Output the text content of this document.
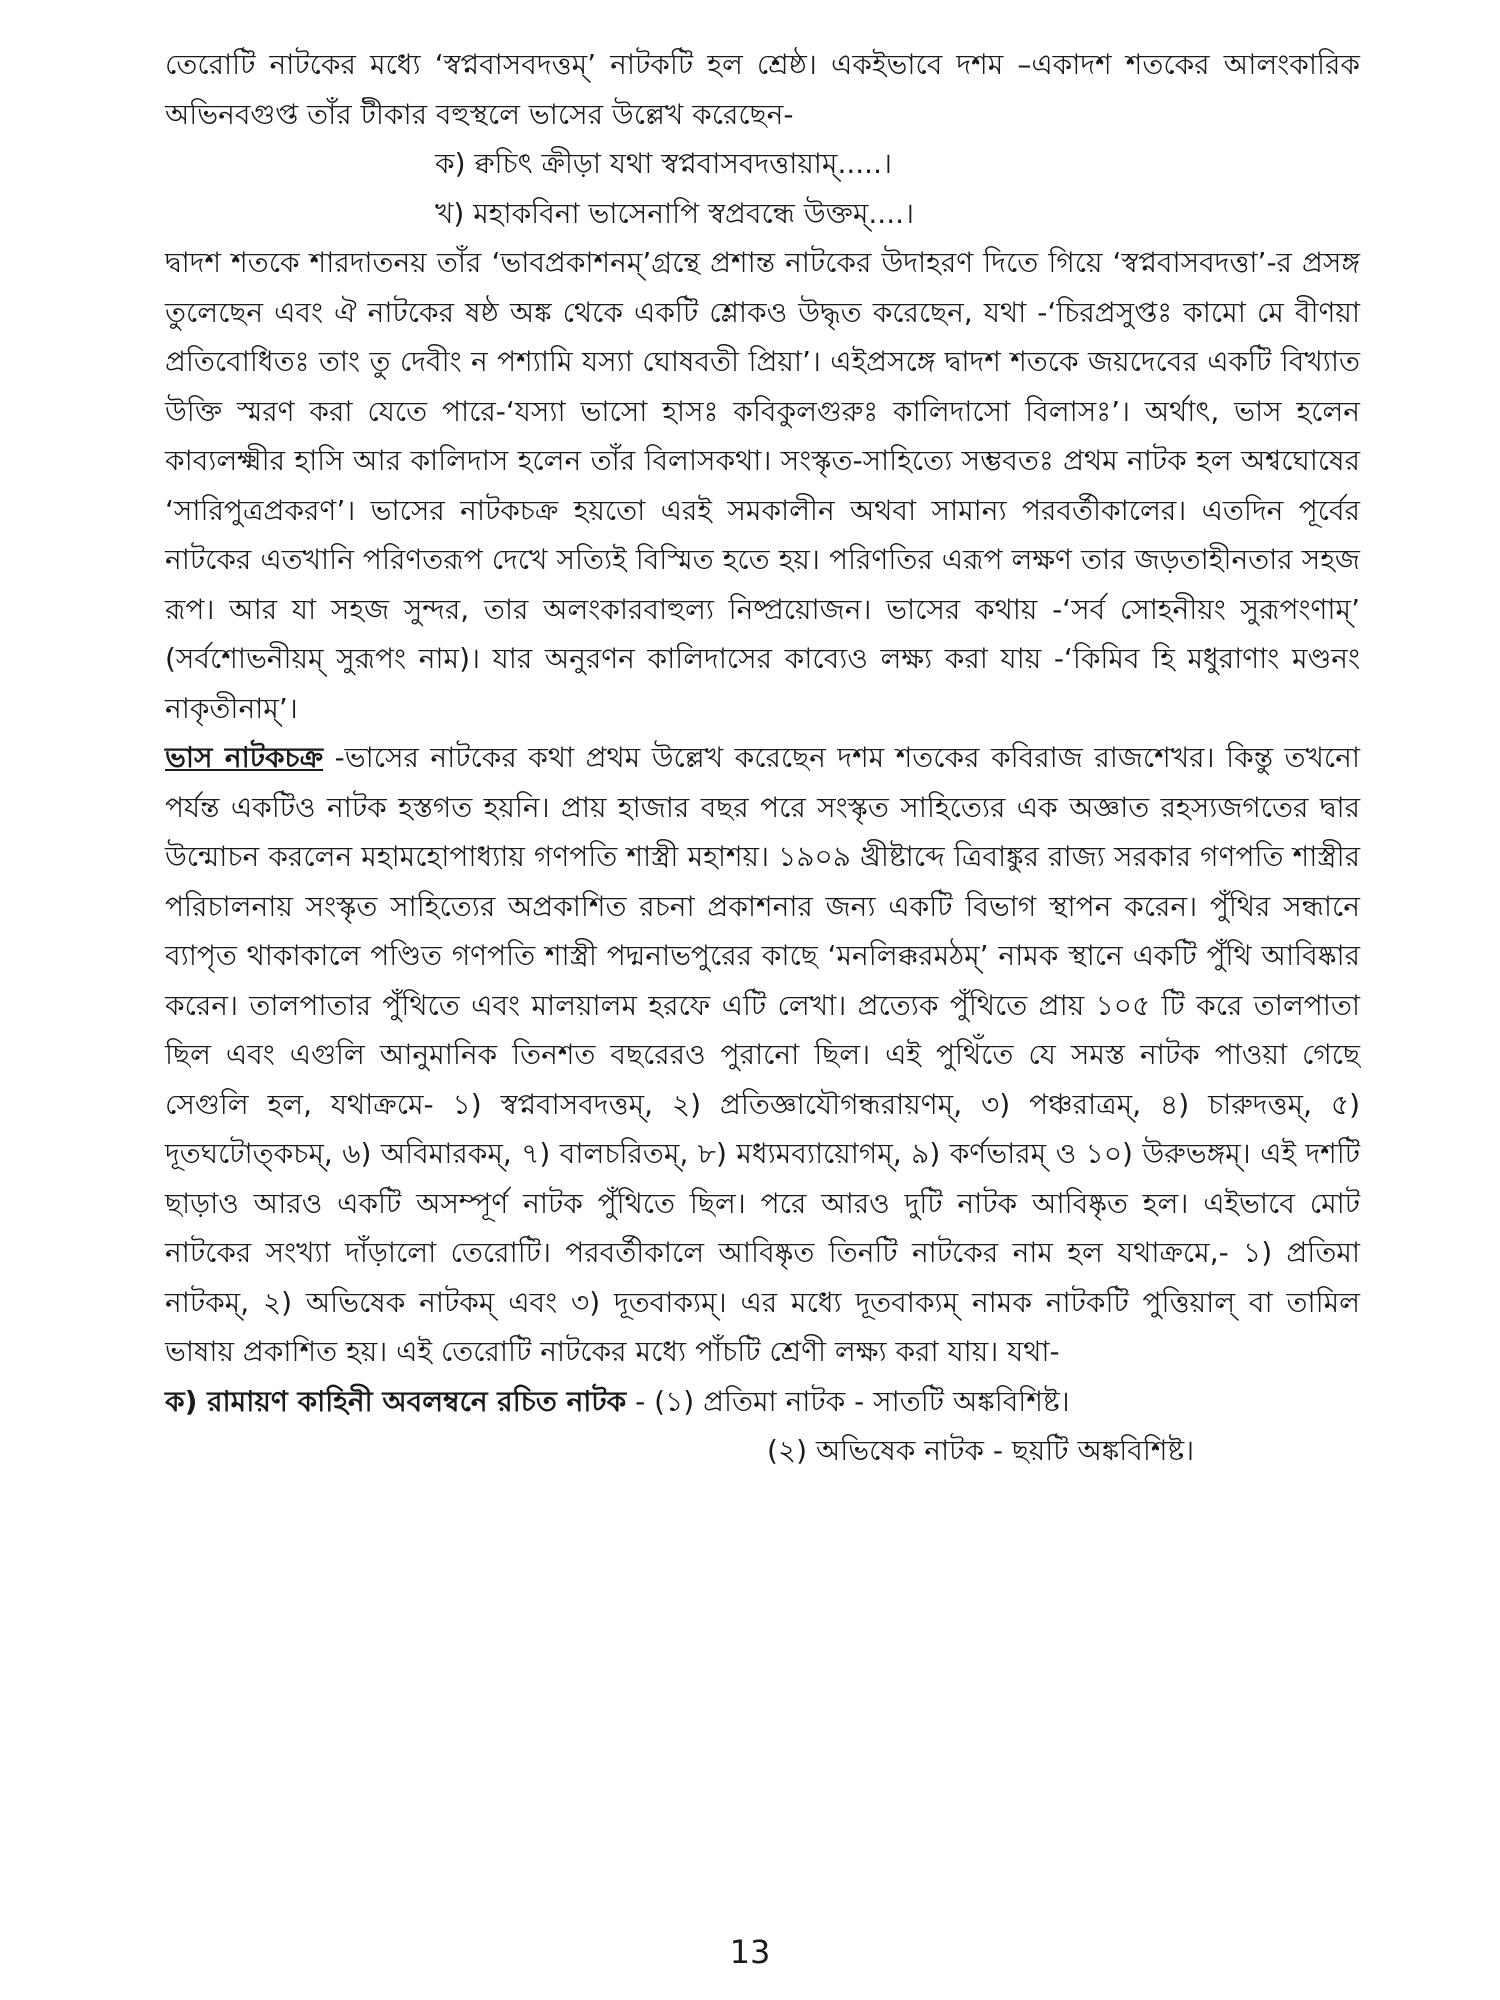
তেরোটি নাটকের মধ্যে ‘স্বপ্নবাসবদত্তম্’ নাটকটি হল শ্রেষ্ঠ। একইভাবে দশম –একাদশ শতকের আলংকারিক অভিনবগুপ্ত তাঁর টীকার বহুস্থলে ভাসের উল্লেখ করেছেন-

ক) ক্বচিৎ ক্রীড়া যথা স্বপ্নবাসবদত্তায়াম্.....।

খ) মহাকবিনা ভাসেনাপি স্বপ্রবন্ধে উক্তম্....।

দ্বাদশ শতকে শারদাতনয় তাঁর ‘ভাবপ্রকাশনম্’গ্রন্থে প্রশান্ত নাটকের উদাহরণ দিতে গিয়ে ‘স্বপ্নবাসবদত্তা’-র প্রসঙ্গ তুলেছেন এবং ঐ নাটকের ষষ্ঠ অঙ্ক থেকে একটি শ্লোকও উদ্ধৃত করেছেন, যথা -‘চিরপ্রসুপ্তঃ কামো মে বীণয়া প্রতিবোধিতঃ তাং তু দেবীং ন পশ্যামি যস্যা ঘোষবতী প্রিয়া’। এইপ্রসঙ্গে দ্বাদশ শতকে জয়দেবের একটি বিখ্যাত উক্তি স্মরণ করা যেতে পারে-‘যস্যা ভাসো হাসঃ কবিকুলগুরুঃ কালিদাসো বিলাসঃ’। অর্থাৎ, ভাস হলেন কাব্যলক্ষ্মীর হাসি আর কালিদাস হলেন তাঁর বিলাসকথা। সংস্কৃত-সাহিত্যে সম্ভবতঃ প্রথম নাটক হল অশ্বঘোষের ‘সারিপুত্রপ্রকরণ’। ভাসের নাটকচক্র হয়তো এরই সমকালীন অথবা সামান্য পরবর্তীকালের। এতদিন পূর্বের নাটকের এতখানি পরিণতরূপ দেখে সত্যিই বিস্মিত হতে হয়। পরিণতির এরূপ লক্ষণ তার জড়তাহীনতার সহজ রূপ। আর যা সহজ সুন্দর, তার অলংকারবাহুল্য নিষ্প্রয়োজন। ভাসের কথায় -‘সর্ব সোহনীয়ং সুরূপংণাম্’ (সর্বশোভনীয়ম্ সুরূপং নাম)। যার অনুরণন কালিদাসের কাব্যেও লক্ষ্য করা যায় -‘কিমিব হি মধুরাণাং মণ্ডনং নাকৃতীনাম্’।

ভাস নাটকচক্র -ভাসের নাটকের কথা প্রথম উল্লেখ করেছেন দশম শতকের কবিরাজ রাজশেখর। কিন্তু তখনো পর্যন্ত একটিও নাটক হস্তগত হয়নি। প্রায় হাজার বছর পরে সংস্কৃত সাহিত্যের এক অজ্ঞাত রহস্যজগতের দ্বার উন্মোচন করলেন মহামহোপাধ্যায় গণপতি শাস্ত্রী মহাশয়। ১৯০৯ খ্রীষ্টাব্দে ত্রিবাঙ্কুর রাজ্য সরকার গণপতি শাস্ত্রীর পরিচালনায় সংস্কৃত সাহিত্যের অপ্রকাশিত রচনা প্রকাশনার জন্য একটি বিভাগ স্থাপন করেন। পুঁথির সন্ধানে ব্যাপৃত থাকাকালে পণ্ডিত গণপতি শাস্ত্রী পদ্মনাভপুরের কাছে ‘মনলিক্করমঠম্’ নামক স্থানে একটি পুঁথি আবিষ্কার করেন। তালপাতার পুঁথিতে এবং মালয়ালম হরফে এটি লেখা। প্রত্যেক পুঁথিতে প্রায় ১০৫ টি করে তালপাতা ছিল এবং এগুলি আনুমানিক তিনশত বছরেরও পুরানো ছিল। এই পুথিঁতে যে সমস্ত নাটক পাওয়া গেছে সেগুলি হল, যথাক্রমে- ১) স্বপ্নবাসবদত্তম্, ২) প্রতিজ্ঞাযৌগন্ধরায়ণম্, ৩) পঞ্চরাত্রম্, ৪) চারুদত্তম্, ৫) দূতঘটোত্কচম্, ৬) অবিমারকম্, ৭) বালচরিতম্, ৮) মধ্যমব্যায়োগম্, ৯) কর্ণভারম্ ও ১০) উরুভঙ্গম্। এই দশটি ছাড়াও আরও একটি অসম্পূর্ণ নাটক পুঁথিতে ছিল। পরে আরও দুটি নাটক আবিষ্কৃত হল। এইভাবে মোট নাটকের সংখ্যা দাঁড়ালো তেরোটি। পরবর্তীকালে আবিষ্কৃত তিনটি নাটকের নাম হল যথাক্রমে,- ১) প্রতিমা নাটকম্, ২) অভিষেক নাটকম্ এবং ৩) দূতবাক্যম্। এর মধ্যে দূতবাক্যম্ নামক নাটকটি পুত্তিয়াল্ বা তামিল ভাষায় প্রকাশিত হয়। এই তেরোটি নাটকের মধ্যে পাঁচটি শ্রেণী লক্ষ্য করা যায়। যথা-

ক) রামায়ণ কাহিনী অবলম্বনে রচিত নাটক - (১) প্রতিমা নাটক - সাতটি অঙ্কবিশিষ্ট।

(২) অভিষেক নাটক - ছয়টি অঙ্কবিশিষ্ট।

13
